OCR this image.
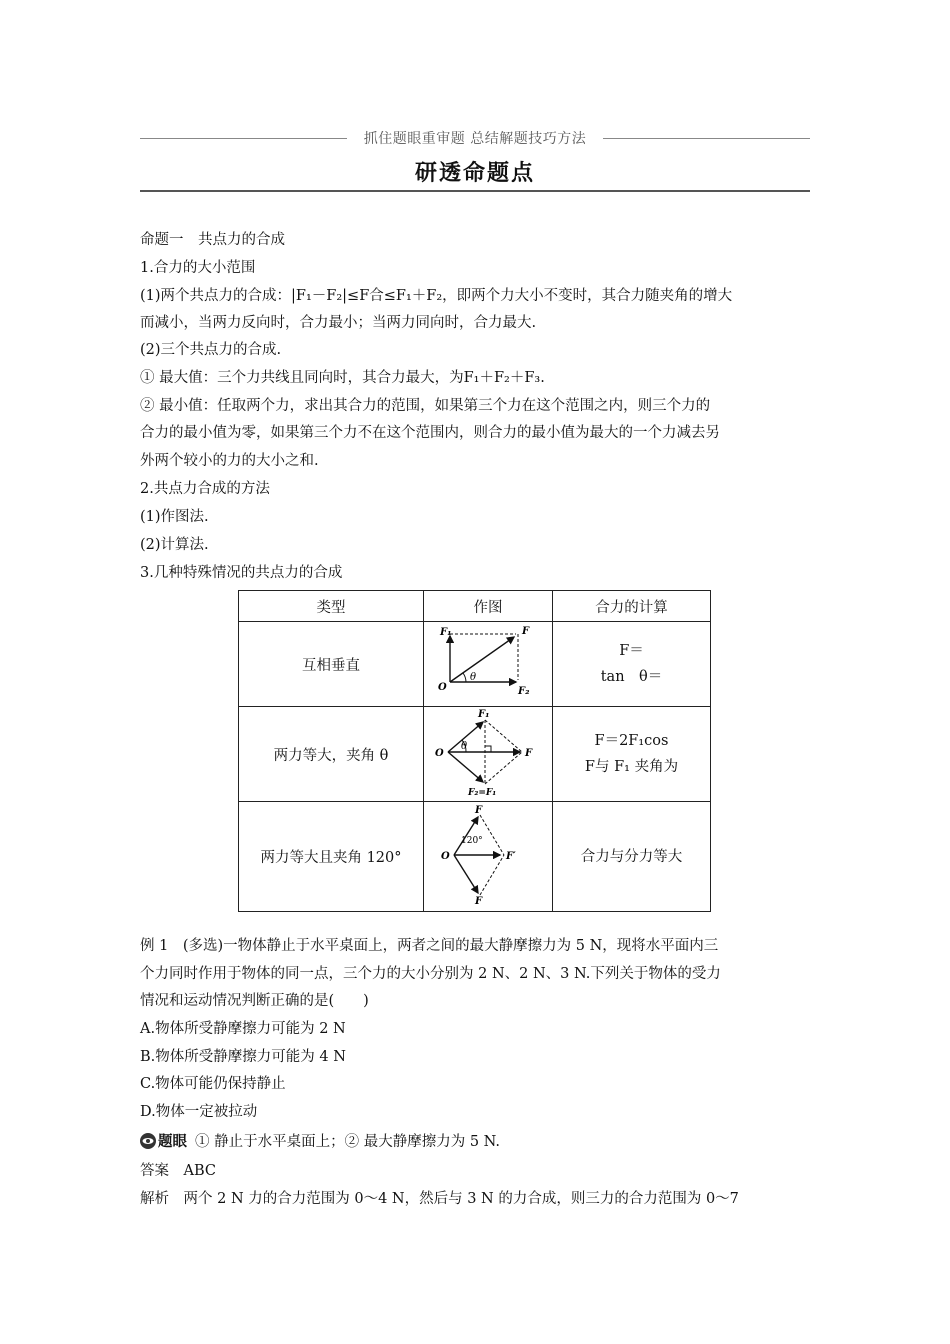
抓住题眼重审题 总结解题技巧方法
研透命题点
命题一　共点力的合成
1.合力的大小范围
(1)两个共点力的合成：|F₁－F₂|≤F合≤F₁＋F₂，即两个力大小不变时，其合力随夹角的增大
而减小，当两力反向时，合力最小；当两力同向时，合力最大.
(2)三个共点力的合成.
① 最大值：三个力共线且同向时，其合力最大，为F₁＋F₂＋F₃.
② 最小值：任取两个力，求出其合力的范围，如果第三个力在这个范围之内，则三个力的
合力的最小值为零，如果第三个力不在这个范围内，则合力的最小值为最大的一个力减去另
外两个较小的力的大小之和.
2.共点力合成的方法
(1)作图法.
(2)计算法.
3.几种特殊情况的共点力的合成
类型	作图	合力的计算
互相垂直	F₁ F
F₂
O
θ	F＝
tan　θ＝

两力等大，夹角 θ	F₁
F
F₂=F₁
O
θ	F＝2F₁cos
F与 F₁ 夹角为

两力等大且夹角 120°	F
F′
F
O
120°	合力与分力等大
例 1　(多选)一物体静止于水平桌面上，两者之间的最大静摩擦力为 5 N，现将水平面内三
个力同时作用于物体的同一点，三个力的大小分别为 2 N、2 N、3 N.下列关于物体的受力
情况和运动情况判断正确的是(　　)
A.物体所受静摩擦力可能为 2 N
B.物体所受静摩擦力可能为 4 N
C.物体可能仍保持静止
D.物体一定被拉动
题眼 ① 静止于水平桌面上；② 最大静摩擦力为 5 N.
答案　ABC
解析　两个 2 N 力的合力范围为 0～4 N，然后与 3 N 的力合成，则三力的合力范围为 0～7
